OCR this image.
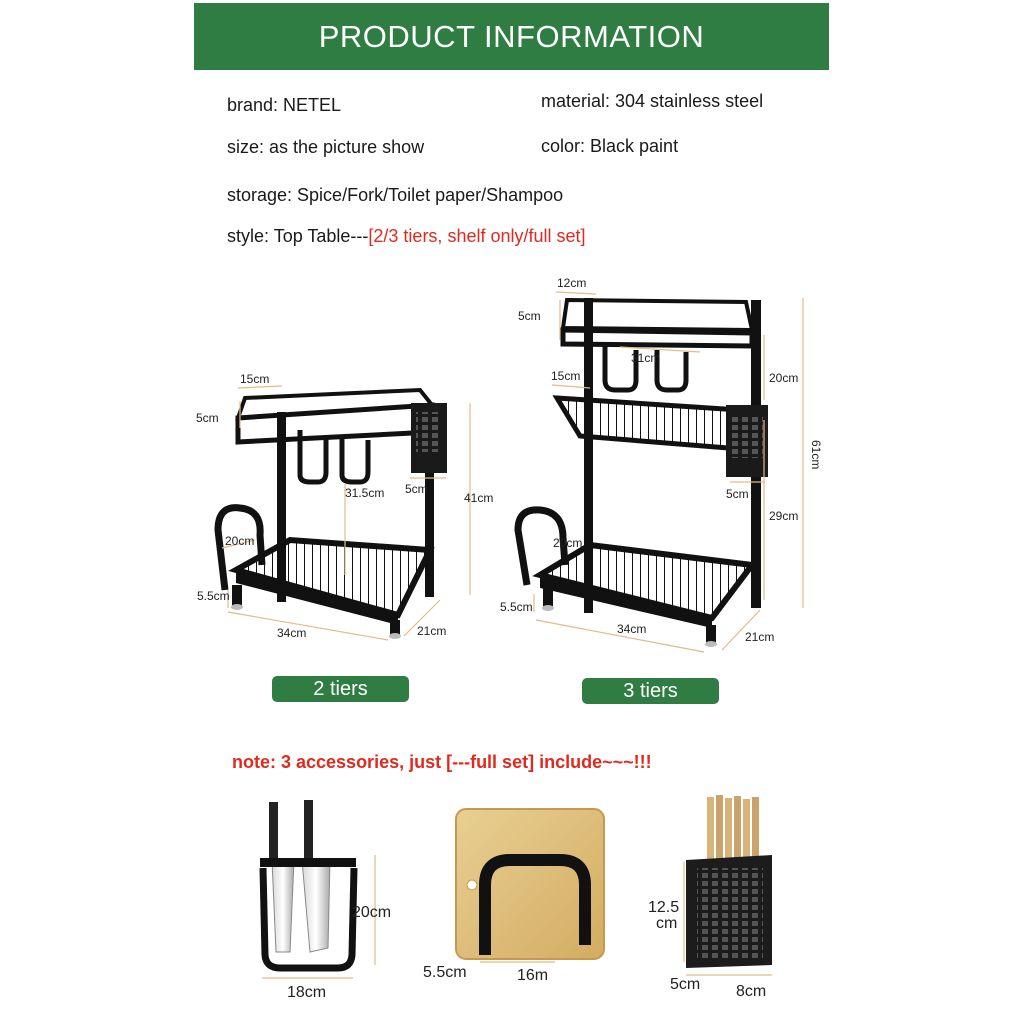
PRODUCT INFORMATION
brand: NETEL	material: 304 stainless steel
size: as the picture show	color: Black paint
storage: Spice/Fork/Toilet paper/Shampoo
style: Top Table---[2/3 tiers, shelf only/full set]
15cm
5cm
31.5cm 5cm
41cm
20cm
5.5cm
34cm	21cm
12cm
5cm
31cm
15cm	20cm
5cm
29cm
61cm
20cm
5.5cm
34cm
21cm
20cm
18cm
5.5cm	16m
12.5
cm
5cm 8cm
2 tiers	3 tiers
note: 3 accessories, just [---full set] include~~~!!!
